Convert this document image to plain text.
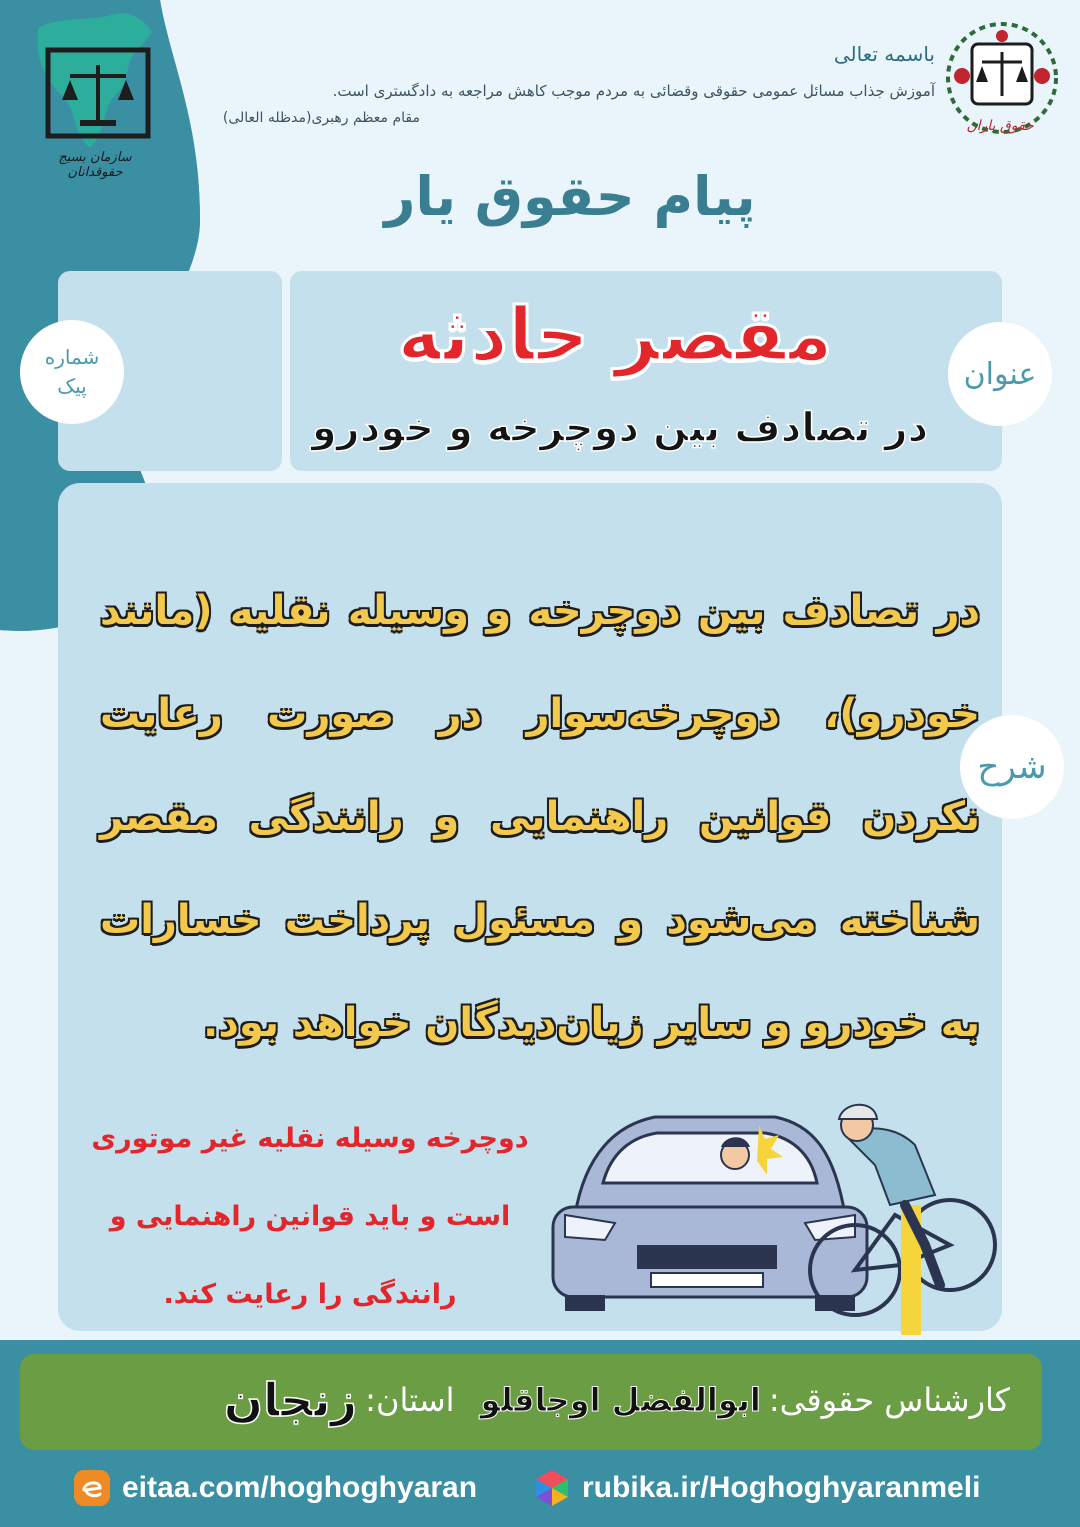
سازمان بسیج حقوقدانان
حقوق یاران
باسمه تعالی
آموزش جذاب مسائل عمومی حقوقی وقضائی به مردم موجب کاهش مراجعه به دادگستری است.
مقام معظم رهبری(مدظله العالی)
پیام حقوق یار
شماره
پیک	عنوان
شرح
مقصر حادثه
در تصادف بین دوچرخه و خودرو
در تصادف بین دوچرخه و وسیله نقلیه (مانند خودرو)، دوچرخه‌سوار در صورت رعایت نکردن قوانین راهنمایی و رانندگی مقصر شناخته می‌شود و مسئول پرداخت خسارات به خودرو و سایر زیان‌دیدگان خواهد بود.
دوچرخه وسیله نقلیه غیر موتوری است و باید قوانین راهنمایی و رانندگی را رعایت کند.
کارشناس حقوقی:
ابوالفضل اوجاقلو
استان:
زنجان
eitaa.com/hoghoghyaran	rubika.ir/Hoghoghyaranmeli
